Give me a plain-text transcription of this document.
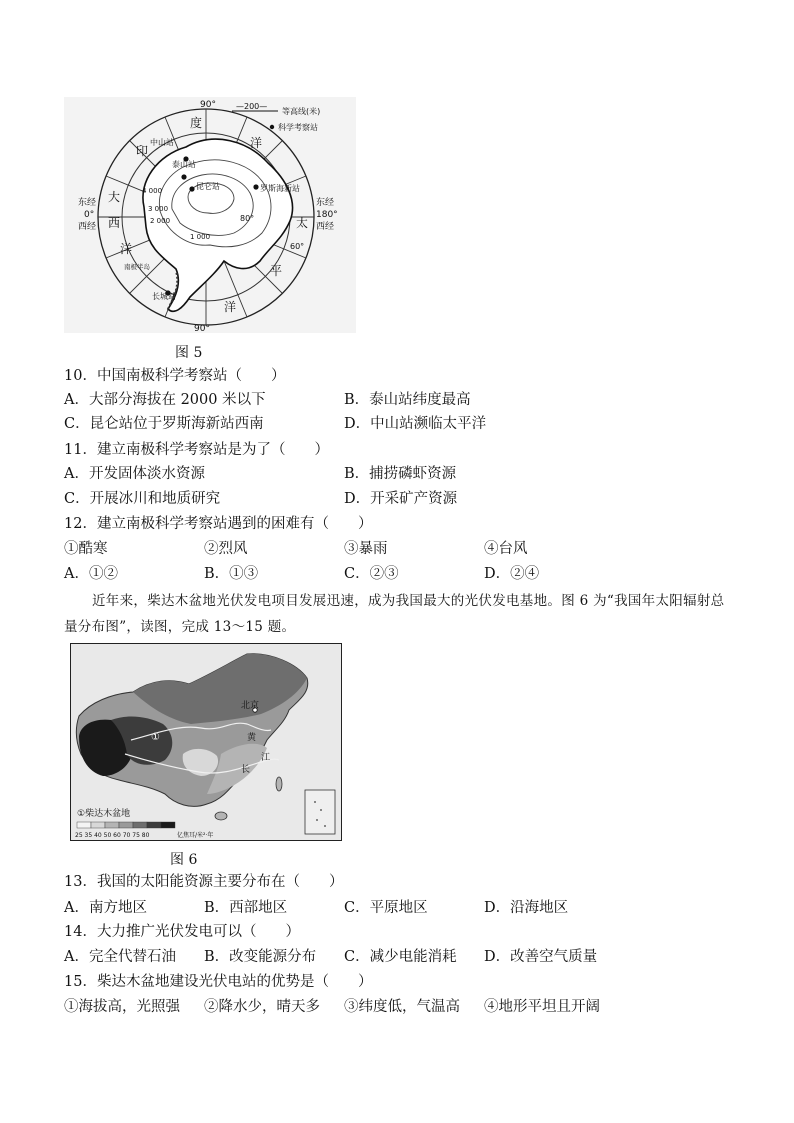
90°
90°
—200—
等高线(米)
科学考察站
东经
0°
西经
东经
180°
西经
80°
60°
度
印
洋
大
西
洋
太
平
洋
4 000
3 000
2 000
1 000
中山站
泰山站
昆仑站	罗斯海新站
长城站
南极半岛
图 5
10．中国南极科学考察站（　　）
A．大部分海拔在 2000 米以下	B．泰山站纬度最高
C．昆仑站位于罗斯海新站西南	D．中山站濒临太平洋
11．建立南极科学考察站是为了（　　）
A．开发固体淡水资源	B．捕捞磷虾资源
C．开展冰川和地质研究	D．开采矿产资源
12．建立南极科学考察站遇到的困难有（　　）
①酷寒	②烈风	③暴雨	④台风
A．①②	B．①③	C．②③	D．②④
近年来，柴达木盆地光伏发电项目发展迅速，成为我国最大的光伏发电基地。图 6 为“我国年太阳辐射总量分布图”，读图，完成 13～15 题。
①
北京
黄
长
江
①柴达木盆地
25 35 40 50 60 70 75 80	亿焦耳/米²·年
图 6
13．我国的太阳能资源主要分布在（　　）
A．南方地区	B．西部地区	C．平原地区	D．沿海地区
14．大力推广光伏发电可以（　　）
A．完全代替石油 B．改变能源分布 C．减少电能消耗 D．改善空气质量
15．柴达木盆地建设光伏电站的优势是（　　）
①海拔高，光照强 ②降水少，晴天多 ③纬度低，气温高 ④地形平坦且开阔
